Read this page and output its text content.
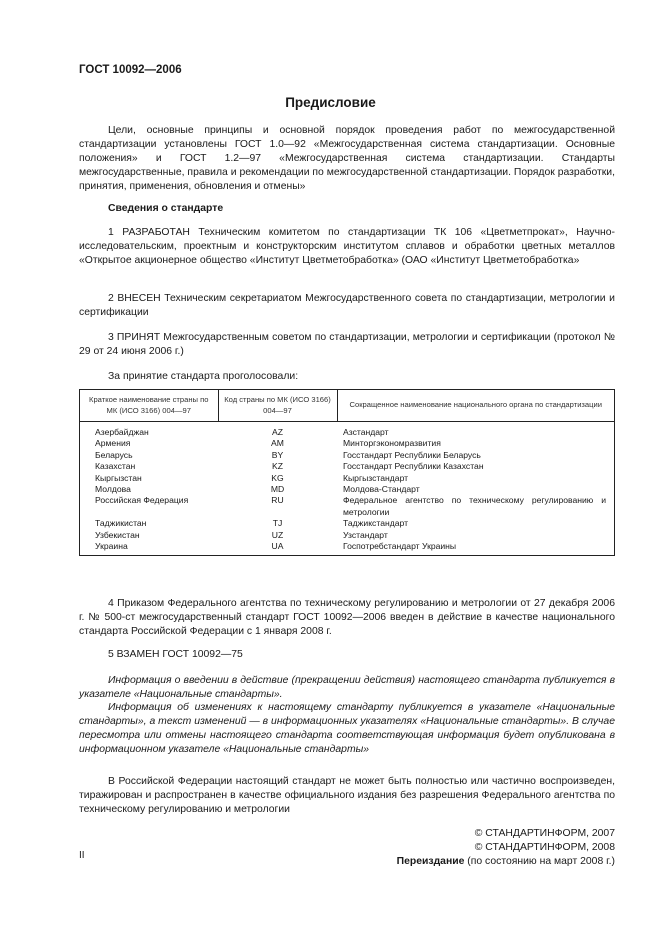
ГОСТ 10092—2006
Предисловие

Цели, основные принципы и основной порядок проведения работ по межгосударственной стандартизации установлены ГОСТ 1.0—92 «Межгосударственная система стандартизации. Основные положения» и ГОСТ 1.2—97 «Межгосударственная система стандартизации. Стандарты межгосударственные, правила и рекомендации по межгосударственной стандартизации. Порядок разработки, принятия, применения, обновления и отмены»

Сведения о стандарте

1 РАЗРАБОТАН Техническим комитетом по стандартизации ТК 106 «Цветметпрокат», Научно-исследовательским, проектным и конструкторским институтом сплавов и обработки цветных металлов «Открытое акционерное общество «Институт Цветметобработка» (ОАО «Институт Цветметобработка»

2 ВНЕСЕН Техническим секретариатом Межгосударственного совета по стандартизации, метрологии и сертификации

3 ПРИНЯТ Межгосударственным советом по стандартизации, метрологии и сертификации (протокол № 29 от 24 июня 2006 г.)

За принятие стандарта проголосовали:
Краткое наименование страны по МК (ИСО 3166) 004—97	Код страны по МК (ИСО 3166) 004—97	Сокращенное наименование национального органа по стандартизации
Азербайджан	AZ	Азстандарт
Армения	AM	Минторгэкономразвития
Беларусь	BY	Госстандарт Республики Беларусь
Казахстан	KZ	Госстандарт Республики Казахстан
Кыргызстан	KG	Кыргызстандарт
Молдова	MD	Молдова-Стандарт
Российская Федерация	RU	Федеральное агентство по техническому регулированию и метрологии
Таджикистан	TJ	Таджикстандарт
Узбекистан	UZ	Узстандарт
Украина	UA	Госпотребстандарт Украины

4 Приказом Федерального агентства по техническому регулированию и метрологии от 27 декабря 2006 г. № 500-ст межгосударственный стандарт ГОСТ 10092—2006 введен в действие в качестве национального стандарта Российской Федерации с 1 января 2008 г.

5 ВЗАМЕН ГОСТ 10092—75

Информация о введении в действие (прекращении действия) настоящего стандарта публикуется в указателе «Национальные стандарты».

Информация об изменениях к настоящему стандарту публикуется в указателе «Национальные стандарты», а текст изменений — в информационных указателях «Национальные стандарты». В случае пересмотра или отмены настоящего стандарта соответствующая информация будет опубликована в информационном указателе «Национальные стандарты»

В Российской Федерации настоящий стандарт не может быть полностью или частично воспроизведен, тиражирован и распространен в качестве официального издания без разрешения Федерального агентства по техническому регулированию и метрологии

© СТАНДАРТИНФОРМ, 2007
© СТАНДАРТИНФОРМ, 2008
Переиздание (по состоянию на март 2008 г.)
II
